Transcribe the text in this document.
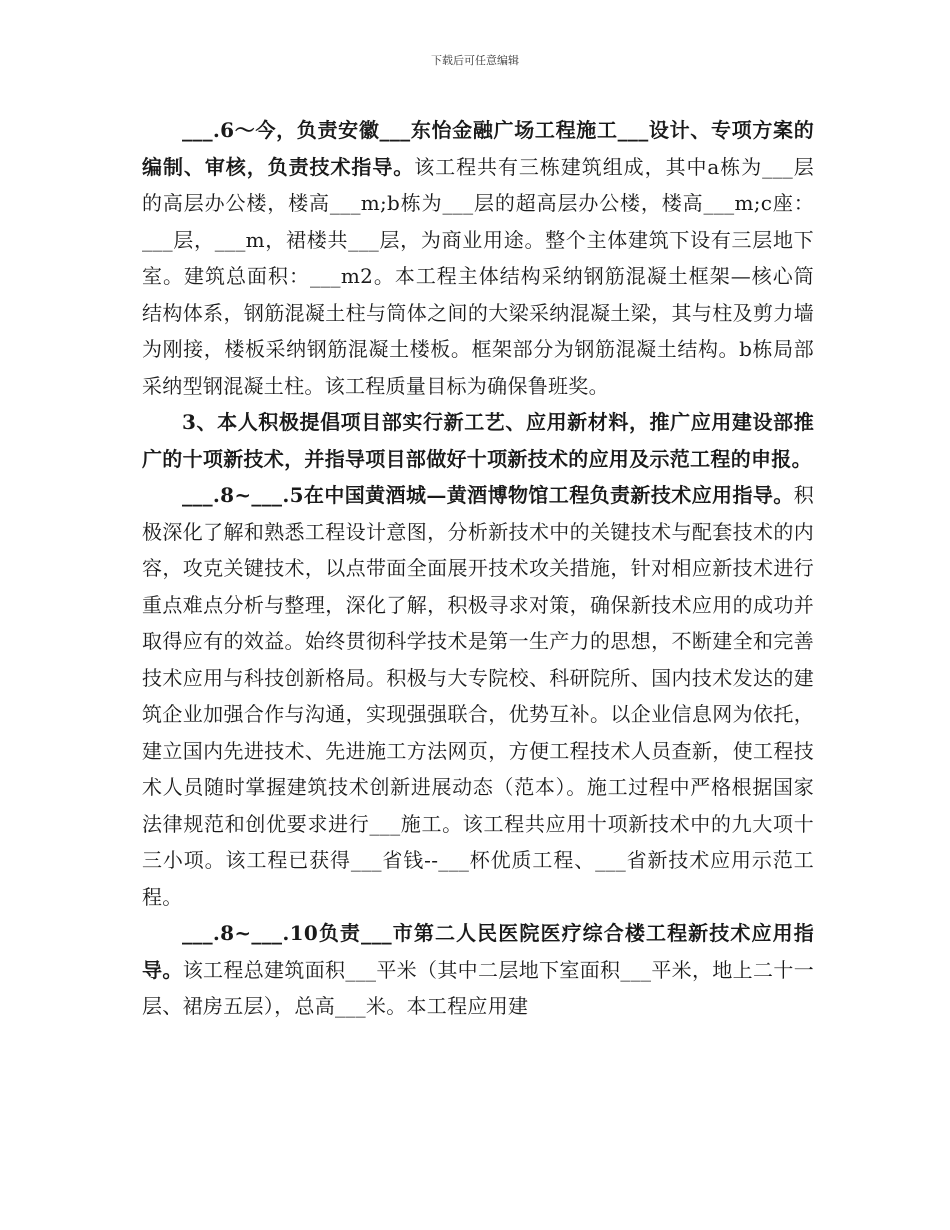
下载后可任意编辑

___.6～今，负责安徽___东怡金融广场工程施工___设计、专项方案的编制、审核，负责技术指导。该工程共有三栋建筑组成，其中a栋为___层的高层办公楼，楼高___m;b栋为___层的超高层办公楼，楼高___m;c座：___层，___m，裙楼共___层，为商业用途。整个主体建筑下设有三层地下室。建筑总面积：___m2。本工程主体结构采纳钢筋混凝土框架—核心筒结构体系，钢筋混凝土柱与筒体之间的大梁采纳混凝土梁，其与柱及剪力墙为刚接，楼板采纳钢筋混凝土楼板。框架部分为钢筋混凝土结构。b栋局部采纳型钢混凝土柱。该工程质量目标为确保鲁班奖。

3、本人积极提倡项目部实行新工艺、应用新材料，推广应用建设部推广的十项新技术，并指导项目部做好十项新技术的应用及示范工程的申报。

___.8~___.5在中国黄酒城—黄酒博物馆工程负责新技术应用指导。积极深化了解和熟悉工程设计意图，分析新技术中的关键技术与配套技术的内容，攻克关键技术，以点带面全面展开技术攻关措施，针对相应新技术进行重点难点分析与整理，深化了解，积极寻求对策，确保新技术应用的成功并取得应有的效益。始终贯彻科学技术是第一生产力的思想，不断建全和完善技术应用与科技创新格局。积极与大专院校、科研院所、国内技术发达的建筑企业加强合作与沟通，实现强强联合，优势互补。以企业信息网为依托，建立国内先进技术、先进施工方法网页，方便工程技术人员查新，使工程技术人员随时掌握建筑技术创新进展动态（范本）。施工过程中严格根据国家法律规范和创优要求进行___施工。该工程共应用十项新技术中的九大项十三小项。该工程已获得___省钱--___杯优质工程、___省新技术应用示范工程。

___.8~___.10负责___市第二人民医院医疗综合楼工程新技术应用指导。该工程总建筑面积___平米（其中二层地下室面积___平米，地上二十一层、裙房五层），总高___米。本工程应用建
